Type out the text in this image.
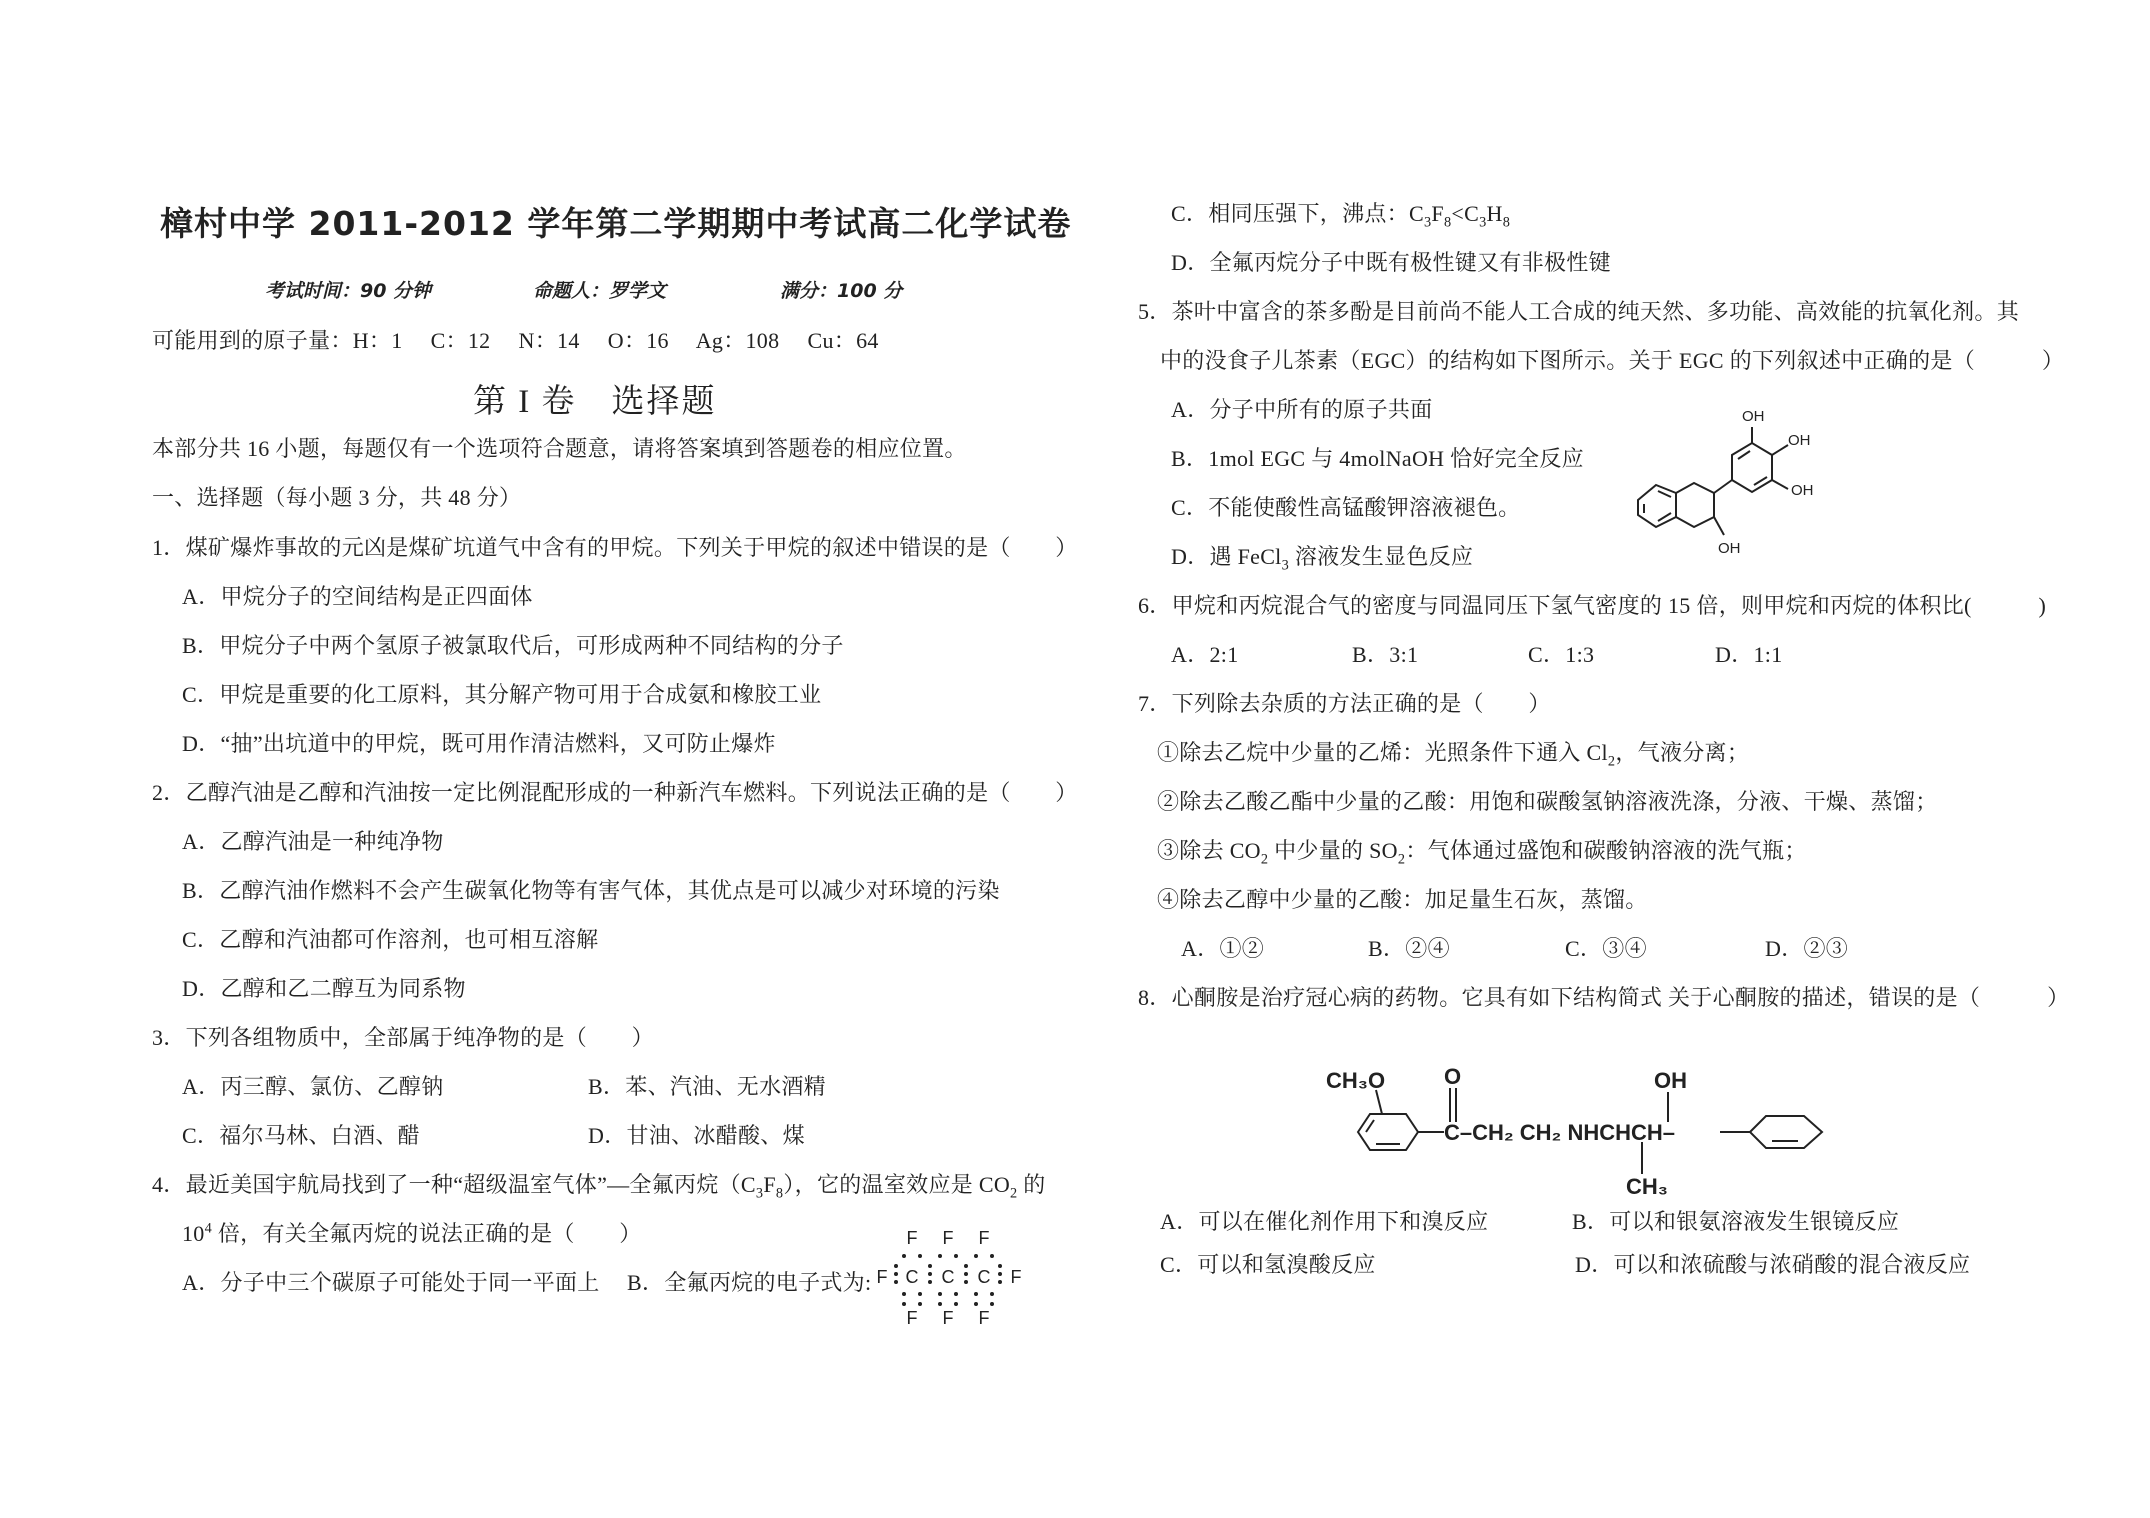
樟村中学 2011-2012 学年第二学期期中考试高二化学试卷
考试时间：90 分钟	命题人：罗学文	满分：100 分
可能用到的原子量：H：1　 C：12　 N：14　 O：16　 Ag：108　 Cu：64
第 I 卷　选择题
本部分共 16 小题，每题仅有一个选项符合题意，请将答案填到答题卷的相应位置。
一、选择题（每小题 3 分，共 48 分）
1．煤矿爆炸事故的元凶是煤矿坑道气中含有的甲烷。下列关于甲烷的叙述中错误的是（　　）
A．甲烷分子的空间结构是正四面体
B．甲烷分子中两个氢原子被氯取代后，可形成两种不同结构的分子
C．甲烷是重要的化工原料，其分解产物可用于合成氨和橡胶工业
D．“抽”出坑道中的甲烷，既可用作清洁燃料，又可防止爆炸
2．乙醇汽油是乙醇和汽油按一定比例混配形成的一种新汽车燃料。下列说法正确的是（　　）
A．乙醇汽油是一种纯净物
B．乙醇汽油作燃料不会产生碳氧化物等有害气体，其优点是可以减少对环境的污染
C．乙醇和汽油都可作溶剂，也可相互溶解
D．乙醇和乙二醇互为同系物
3．下列各组物质中，全部属于纯净物的是（　　）
A．丙三醇、氯仿、乙醇钠	B．苯、汽油、无水酒精
C．福尔马林、白酒、醋	D．甘油、冰醋酸、煤
4．最近美国宇航局找到了一种“超级温室气体”—全氟丙烷$(C_3F_8)$，它的温室效应是 $CO_2$ 的
$10^4$ 倍，有关全氟丙烷的说法正确的是（　　）
A．分子中三个碳原子可能处于同一平面上 B．全氟丙烷的电子式为:
F F F
F C C C F
F F F
C．相同压强下，沸点：$C_3F_8<C_3H_8$
D．全氟丙烷分子中既有极性键又有非极性键
5．茶叶中富含的茶多酚是目前尚不能人工合成的纯天然、多功能、高效能的抗氧化剂。其
中的没食子儿茶素（EGC）的结构如下图所示。关于 EGC 的下列叙述中正确的是（　　　）
A．分子中所有的原子共面
B．1mol EGC 与 4molNaOH 恰好完全反应
C．不能使酸性高锰酸钾溶液褪色。
D．遇 FeCl$_3$ 溶液发生显色反应
OH
OH
OH
OH
6．甲烷和丙烷混合气的密度与同温同压下氢气密度的 15 倍，则甲烷和丙烷的体积比(　　　)
A．2:1	B．3:1	C．1:3	D．1:1
7．下列除去杂质的方法正确的是（　　）
①除去乙烷中少量的乙烯：光照条件下通入 $Cl_2$，气液分离；
②除去乙酸乙酯中少量的乙酸：用饱和碳酸氢钠溶液洗涤，分液、干燥、蒸馏；
③除去 $CO_2$ 中少量的 $SO_2$：气体通过盛饱和碳酸钠溶液的洗气瓶；
④除去乙醇中少量的乙酸：加足量生石灰，蒸馏。
A．①②	B．②④	C．③④	D．②③
8．心酮胺是治疗冠心病的药物。它具有如下结构简式 关于心酮胺的描述，错误的是（　　　）
CH₃O	O
C–CH₂ CH₂ NHCHCH–
OH
CH₃
A．可以在催化剂作用下和溴反应	B．可以和银氨溶液发生银镜反应
C．可以和氢溴酸反应	D．可以和浓硫酸与浓硝酸的混合液反应
